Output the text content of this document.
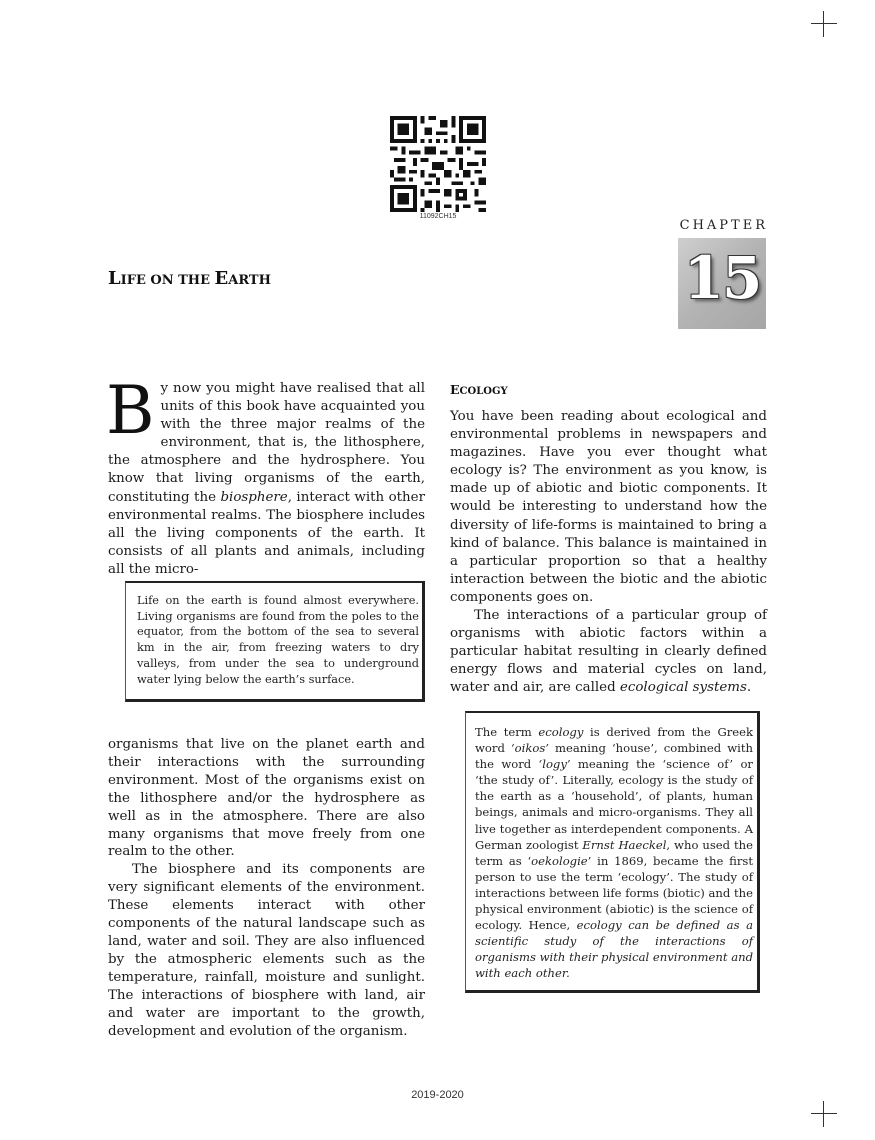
11092CH15
CHAPTER
15
LIFE ON THE EARTH

By now you might have realised that all units of this book have acquainted you with the three major realms of the environment, that is, the lithosphere, the atmosphere and the hydrosphere. You know that living organisms of the earth, constituting the biosphere, interact with other environmental realms. The biosphere includes all the living components of the earth. It consists of all plants and animals, including all the micro-

Life on the earth is found almost everywhere. Living organisms are found from the poles to the equator, from the bottom of the sea to several km in the air, from freezing waters to dry valleys, from under the sea to underground water lying below the earth’s surface.

organisms that live on the planet earth and their interactions with the surrounding environment. Most of the organisms exist on the lithosphere and/or the hydrosphere as well as in the atmosphere. There are also many organisms that move freely from one realm to the other.

The biosphere and its components are very significant elements of the environment. These elements interact with other components of the natural landscape such as land, water and soil. They are also influenced by the atmospheric elements such as the temperature, rainfall, moisture and sunlight. The interactions of biosphere with land, air and water are important to the growth, development and evolution of the organism.

ECOLOGY

You have been reading about ecological and environmental problems in newspapers and magazines. Have you ever thought what ecology is? The environment as you know, is made up of abiotic and biotic components. It would be interesting to understand how the diversity of life-forms is maintained to bring a kind of balance. This balance is maintained in a particular proportion so that a healthy interaction between the biotic and the abiotic components goes on.

The interactions of a particular group of organisms with abiotic factors within a particular habitat resulting in clearly defined energy flows and material cycles on land, water and air, are called ecological systems.

The term ecology is derived from the Greek word ‘oikos’ meaning ‘house’, combined with the word ‘logy’ meaning the ‘science of’ or ‘the study of’. Literally, ecology is the study of the earth as a ‘household’, of plants, human beings, animals and micro-organisms. They all live together as interdependent components. A German zoologist Ernst Haeckel, who used the term as ‘oekologie’ in 1869, became the first person to use the term ‘ecology’. The study of interactions between life forms (biotic) and the physical environment (abiotic) is the science of ecology. Hence, ecology can be defined as a scientific study of the interactions of organisms with their physical environment and with each other.
2019-2020
